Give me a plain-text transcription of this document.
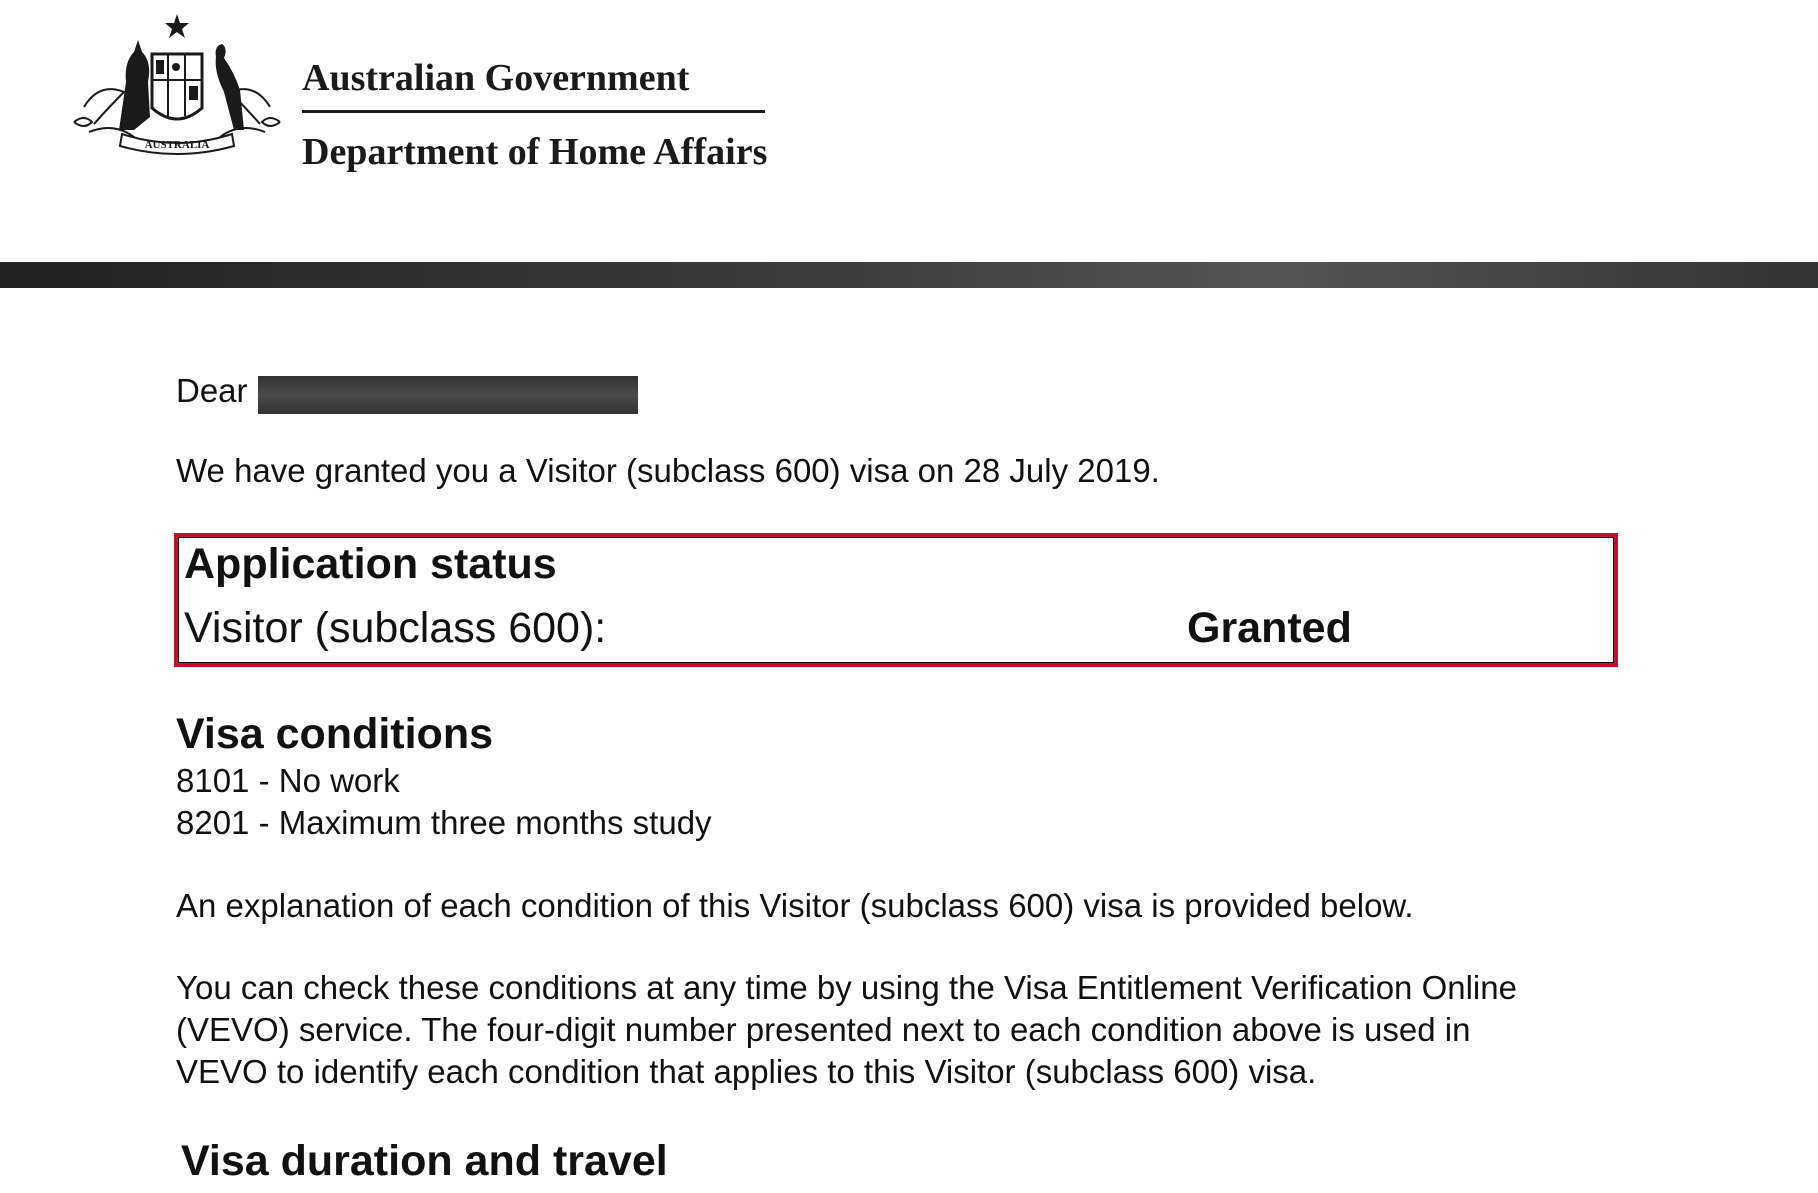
AUSTRALIA
Australian Government
Department of Home Affairs
Dear
We have granted you a Visitor (subclass 600) visa on 28 July 2019.
Application status
Visitor (subclass 600):	Granted
Visa conditions
8101 - No work
8201 - Maximum three months study
An explanation of each condition of this Visitor (subclass 600) visa is provided below.
You can check these conditions at any time by using the Visa Entitlement Verification Online
(VEVO) service. The four-digit number presented next to each condition above is used in
VEVO to identify each condition that applies to this Visitor (subclass 600) visa.
Visa duration and travel
